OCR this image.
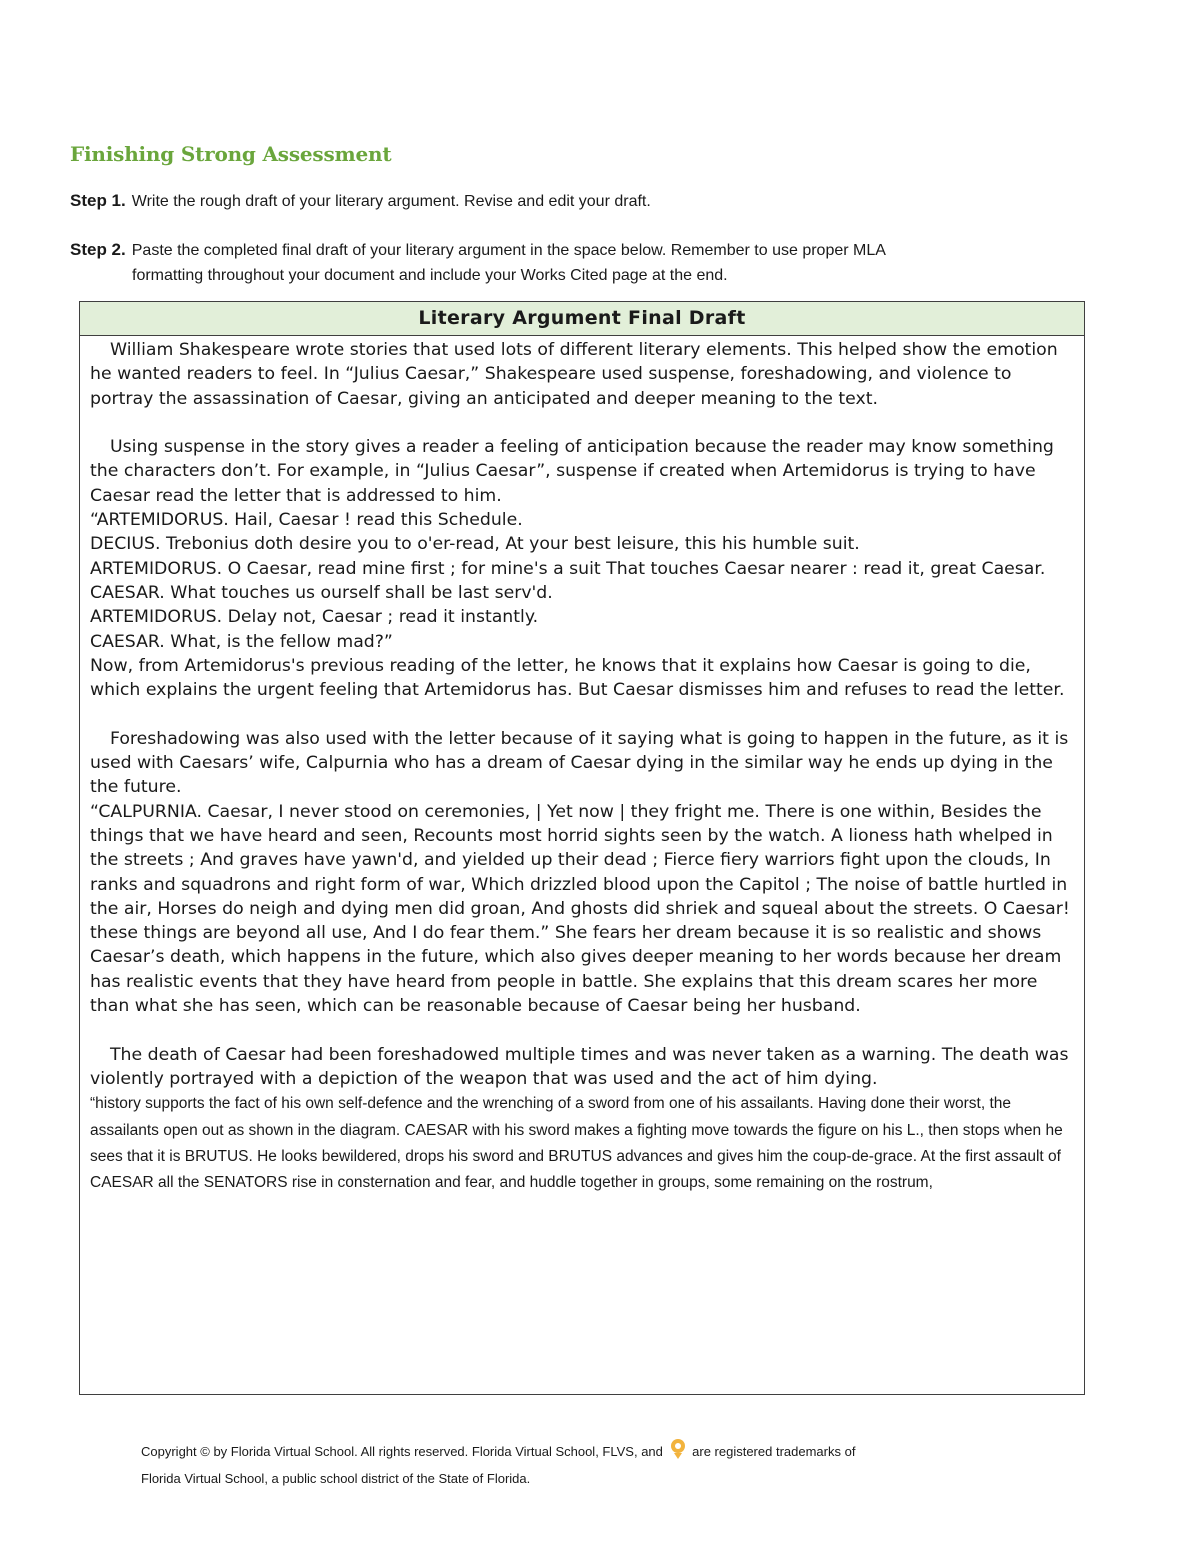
Finishing Strong Assessment
Step 1. Write the rough draft of your literary argument. Revise and edit your draft.
Step 2. Paste the completed final draft of your literary argument in the space below. Remember to use proper MLA
formatting throughout your document and include your Works Cited page at the end.
Literary Argument Final Draft

William Shakespeare wrote stories that used lots of different literary elements. This helped show the emotion he wanted readers to feel. In “Julius Caesar,” Shakespeare used suspense, foreshadowing, and violence to portray the assassination of Caesar, giving an anticipated and deeper meaning to the text.

Using suspense in the story gives a reader a feeling of anticipation because the reader may know something the characters don’t. For example, in “Julius Caesar”, suspense if created when Artemidorus is trying to have Caesar read the letter that is addressed to him.

“ARTEMIDORUS. Hail, Caesar ! read this Schedule.

DECIUS. Trebonius doth desire you to o'er-read, At your best leisure, this his humble suit.

ARTEMIDORUS. O Caesar, read mine first ; for mine's a suit That touches Caesar nearer : read it, great Caesar.

CAESAR. What touches us ourself shall be last serv'd.

ARTEMIDORUS. Delay not, Caesar ; read it instantly.

CAESAR. What, is the fellow mad?”

Now, from Artemidorus's previous reading of the letter, he knows that it explains how Caesar is going to die, which explains the urgent feeling that Artemidorus has. But Caesar dismisses him and refuses to read the letter.

Foreshadowing was also used with the letter because of it saying what is going to happen in the future, as it is used with Caesars’ wife, Calpurnia who has a dream of Caesar dying in the similar way he ends up dying in the the future.

“CALPURNIA. Caesar, I never stood on ceremonies, | Yet now | they fright me. There is one within, Besides the things that we have heard and seen, Recounts most horrid sights seen by the watch. A lioness hath whelped in the streets ; And graves have yawn'd, and yielded up their dead ; Fierce fiery warriors fight upon the clouds, In ranks and squadrons and right form of war, Which drizzled blood upon the Capitol ; The noise of battle hurtled in the air, Horses do neigh and dying men did groan, And ghosts did shriek and squeal about the streets. O Caesar! these things are beyond all use, And I do fear them.” She fears her dream because it is so realistic and shows Caesar’s death, which happens in the future, which also gives deeper meaning to her words because her dream has realistic events that they have heard from people in battle. She explains that this dream scares her more than what she has seen, which can be reasonable because of Caesar being her husband.

The death of Caesar had been foreshadowed multiple times and was never taken as a warning. The death was violently portrayed with a depiction of the weapon that was used and the act of him dying.

“history supports the fact of his own self-defence and the wrenching of a sword from one of his assailants. Having done their worst, the assailants open out as shown in the diagram. CAESAR with his sword makes a fighting move towards the figure on his L., then stops when he sees that it is BRUTUS. He looks bewildered, drops his sword and BRUTUS advances and gives him the coup-de-grace. At the first assault of CAESAR all the SENATORS rise in consternation and fear, and huddle together in groups, some remaining on the rostrum,

Copyright © by Florida Virtual School. All rights reserved. Florida Virtual School, FLVS, and are registered trademarks of
Florida Virtual School, a public school district of the State of Florida.
